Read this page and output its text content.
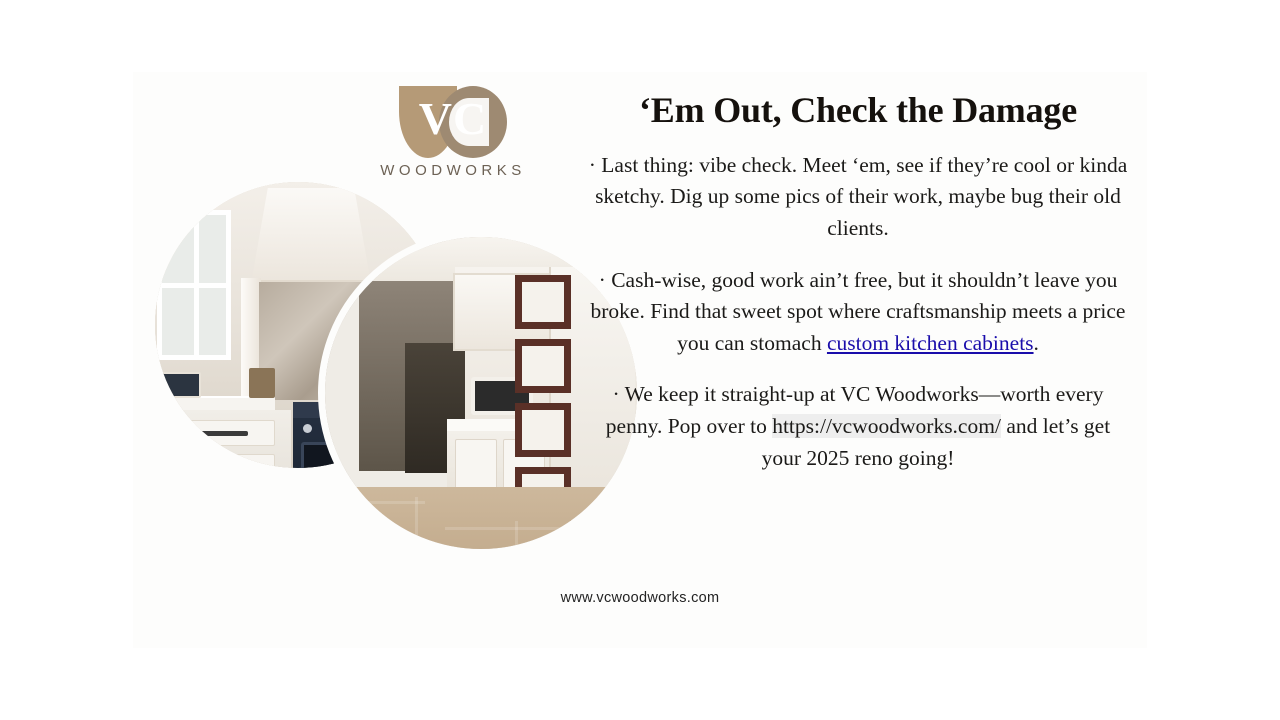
VC
WOODWORKS
‘Em Out, Check the Damage

· Last thing: vibe check. Meet ‘em, see if they’re cool or kinda sketchy. Dig up some pics of their work, maybe bug their old clients.

· Cash-wise, good work ain’t free, but it shouldn’t leave you broke. Find that sweet spot where craftsmanship meets a price you can stomach custom kitchen cabinets.

· We keep it straight-up at VC Woodworks—worth every penny. Pop over to https://vcwoodworks.com/ and let’s get your 2025 reno going!

www.vcwoodworks.com
